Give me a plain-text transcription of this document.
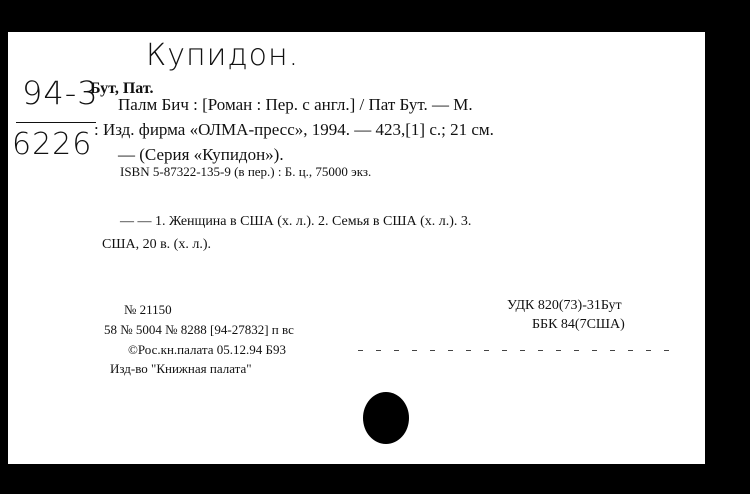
Купидон.
94-3
6226
Бут, Пат.
Палм Бич : [Роман : Пер. с англ.] / Пат Бут. — М.
: Изд. фирма «ОЛМА-пресс», 1994. — 423,[1] с.; 21 см.
— (Серия «Купидон»).
ISBN 5-87322-135-9 (в пер.) : Б. ц., 75000 экз.
— — 1. Женщина в США (х. л.). 2. Семья в США (х. л.). 3.
США, 20 в. (х. л.).
№ 21150
58 № 5004 № 8288 [94-27832] п вс
©Рос.кн.палата 05.12.94 Б93
Изд-во "Книжная палата"
УДК 820(73)-31Бут
ББК 84(7США)
